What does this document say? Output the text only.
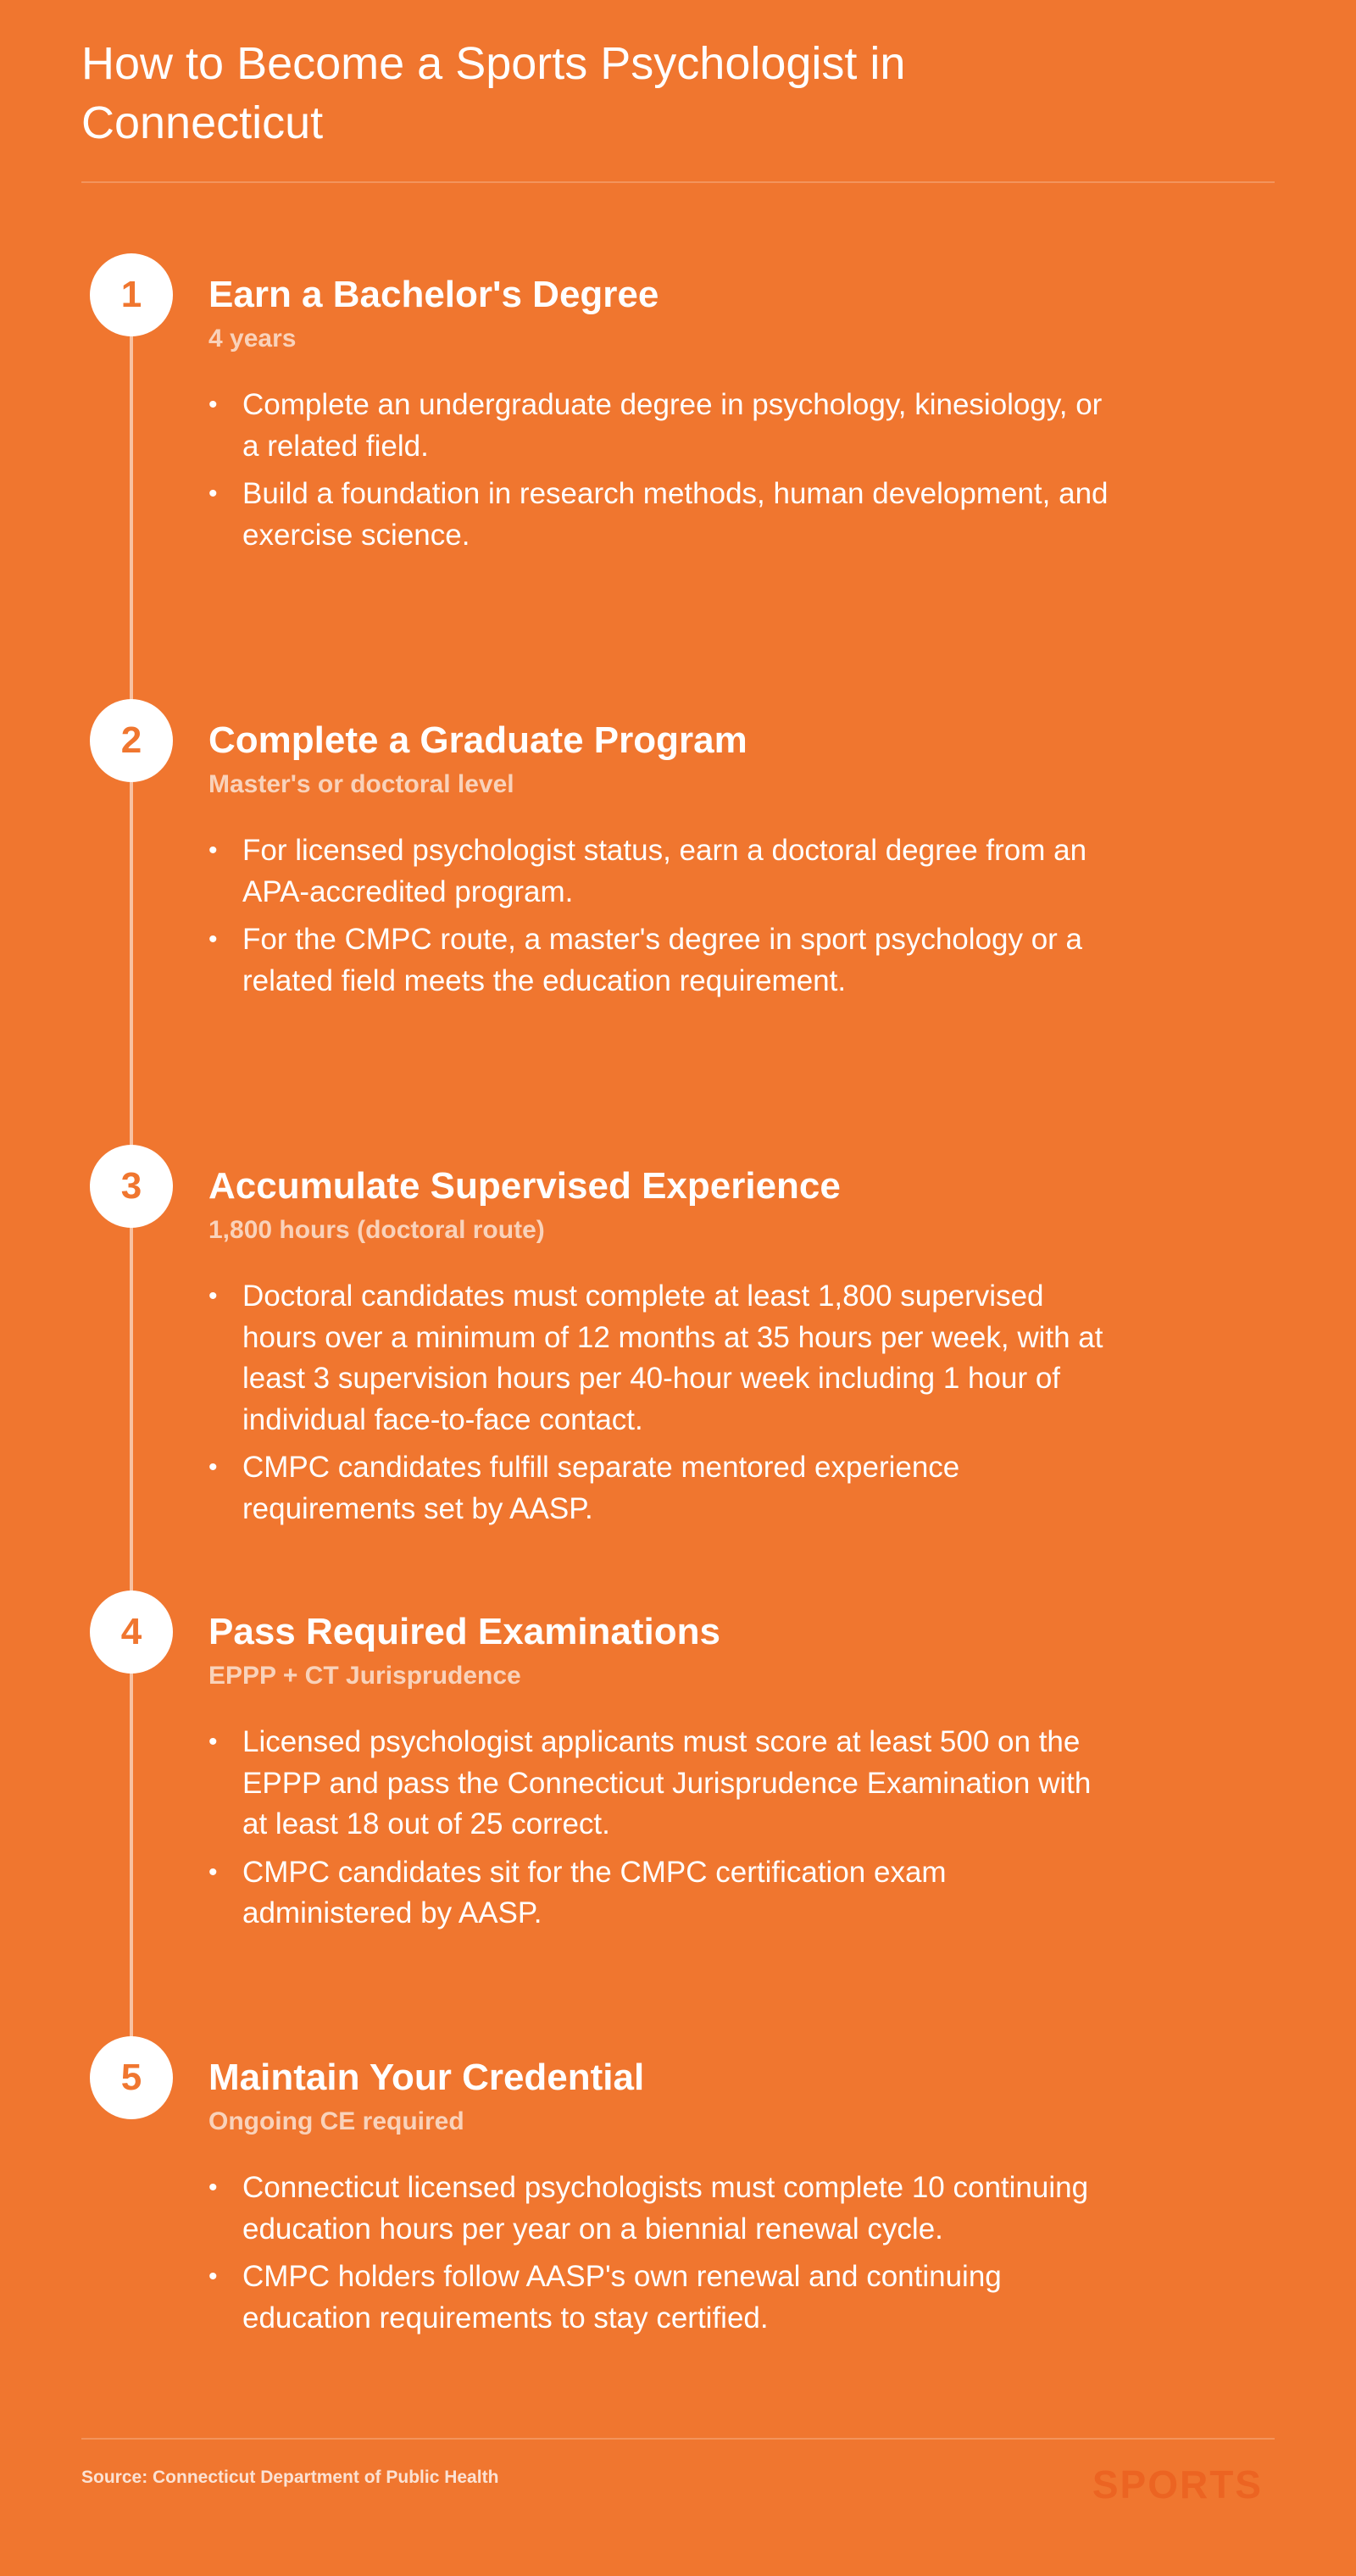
How to Become a Sports Psychologist in Connecticut
1	Earn a Bachelor's Degree

4 years

• Complete an undergraduate degree in psychology, kinesiology, or a related field.
• Build a foundation in research methods, human development, and exercise science.
2	Complete a Graduate Program

Master's or doctoral level

• For licensed psychologist status, earn a doctoral degree from an APA-accredited program.
• For the CMPC route, a master's degree in sport psychology or a related field meets the education requirement.
3	Accumulate Supervised Experience

1,800 hours (doctoral route)

• Doctoral candidates must complete at least 1,800 supervised hours over a minimum of 12 months at 35 hours per week, with at least 3 supervision hours per 40-hour week including 1 hour of individual face-to-face contact.
• CMPC candidates fulfill separate mentored experience requirements set by AASP.
4	Pass Required Examinations

EPPP + CT Jurisprudence

• Licensed psychologist applicants must score at least 500 on the EPPP and pass the Connecticut Jurisprudence Examination with at least 18 out of 25 correct.
• CMPC candidates sit for the CMPC certification exam administered by AASP.
5	Maintain Your Credential

Ongoing CE required

• Connecticut licensed psychologists must complete 10 continuing education hours per year on a biennial renewal cycle.
• CMPC holders follow AASP's own renewal and continuing education requirements to stay certified.
Source: Connecticut Department of Public Health	SPORTS
